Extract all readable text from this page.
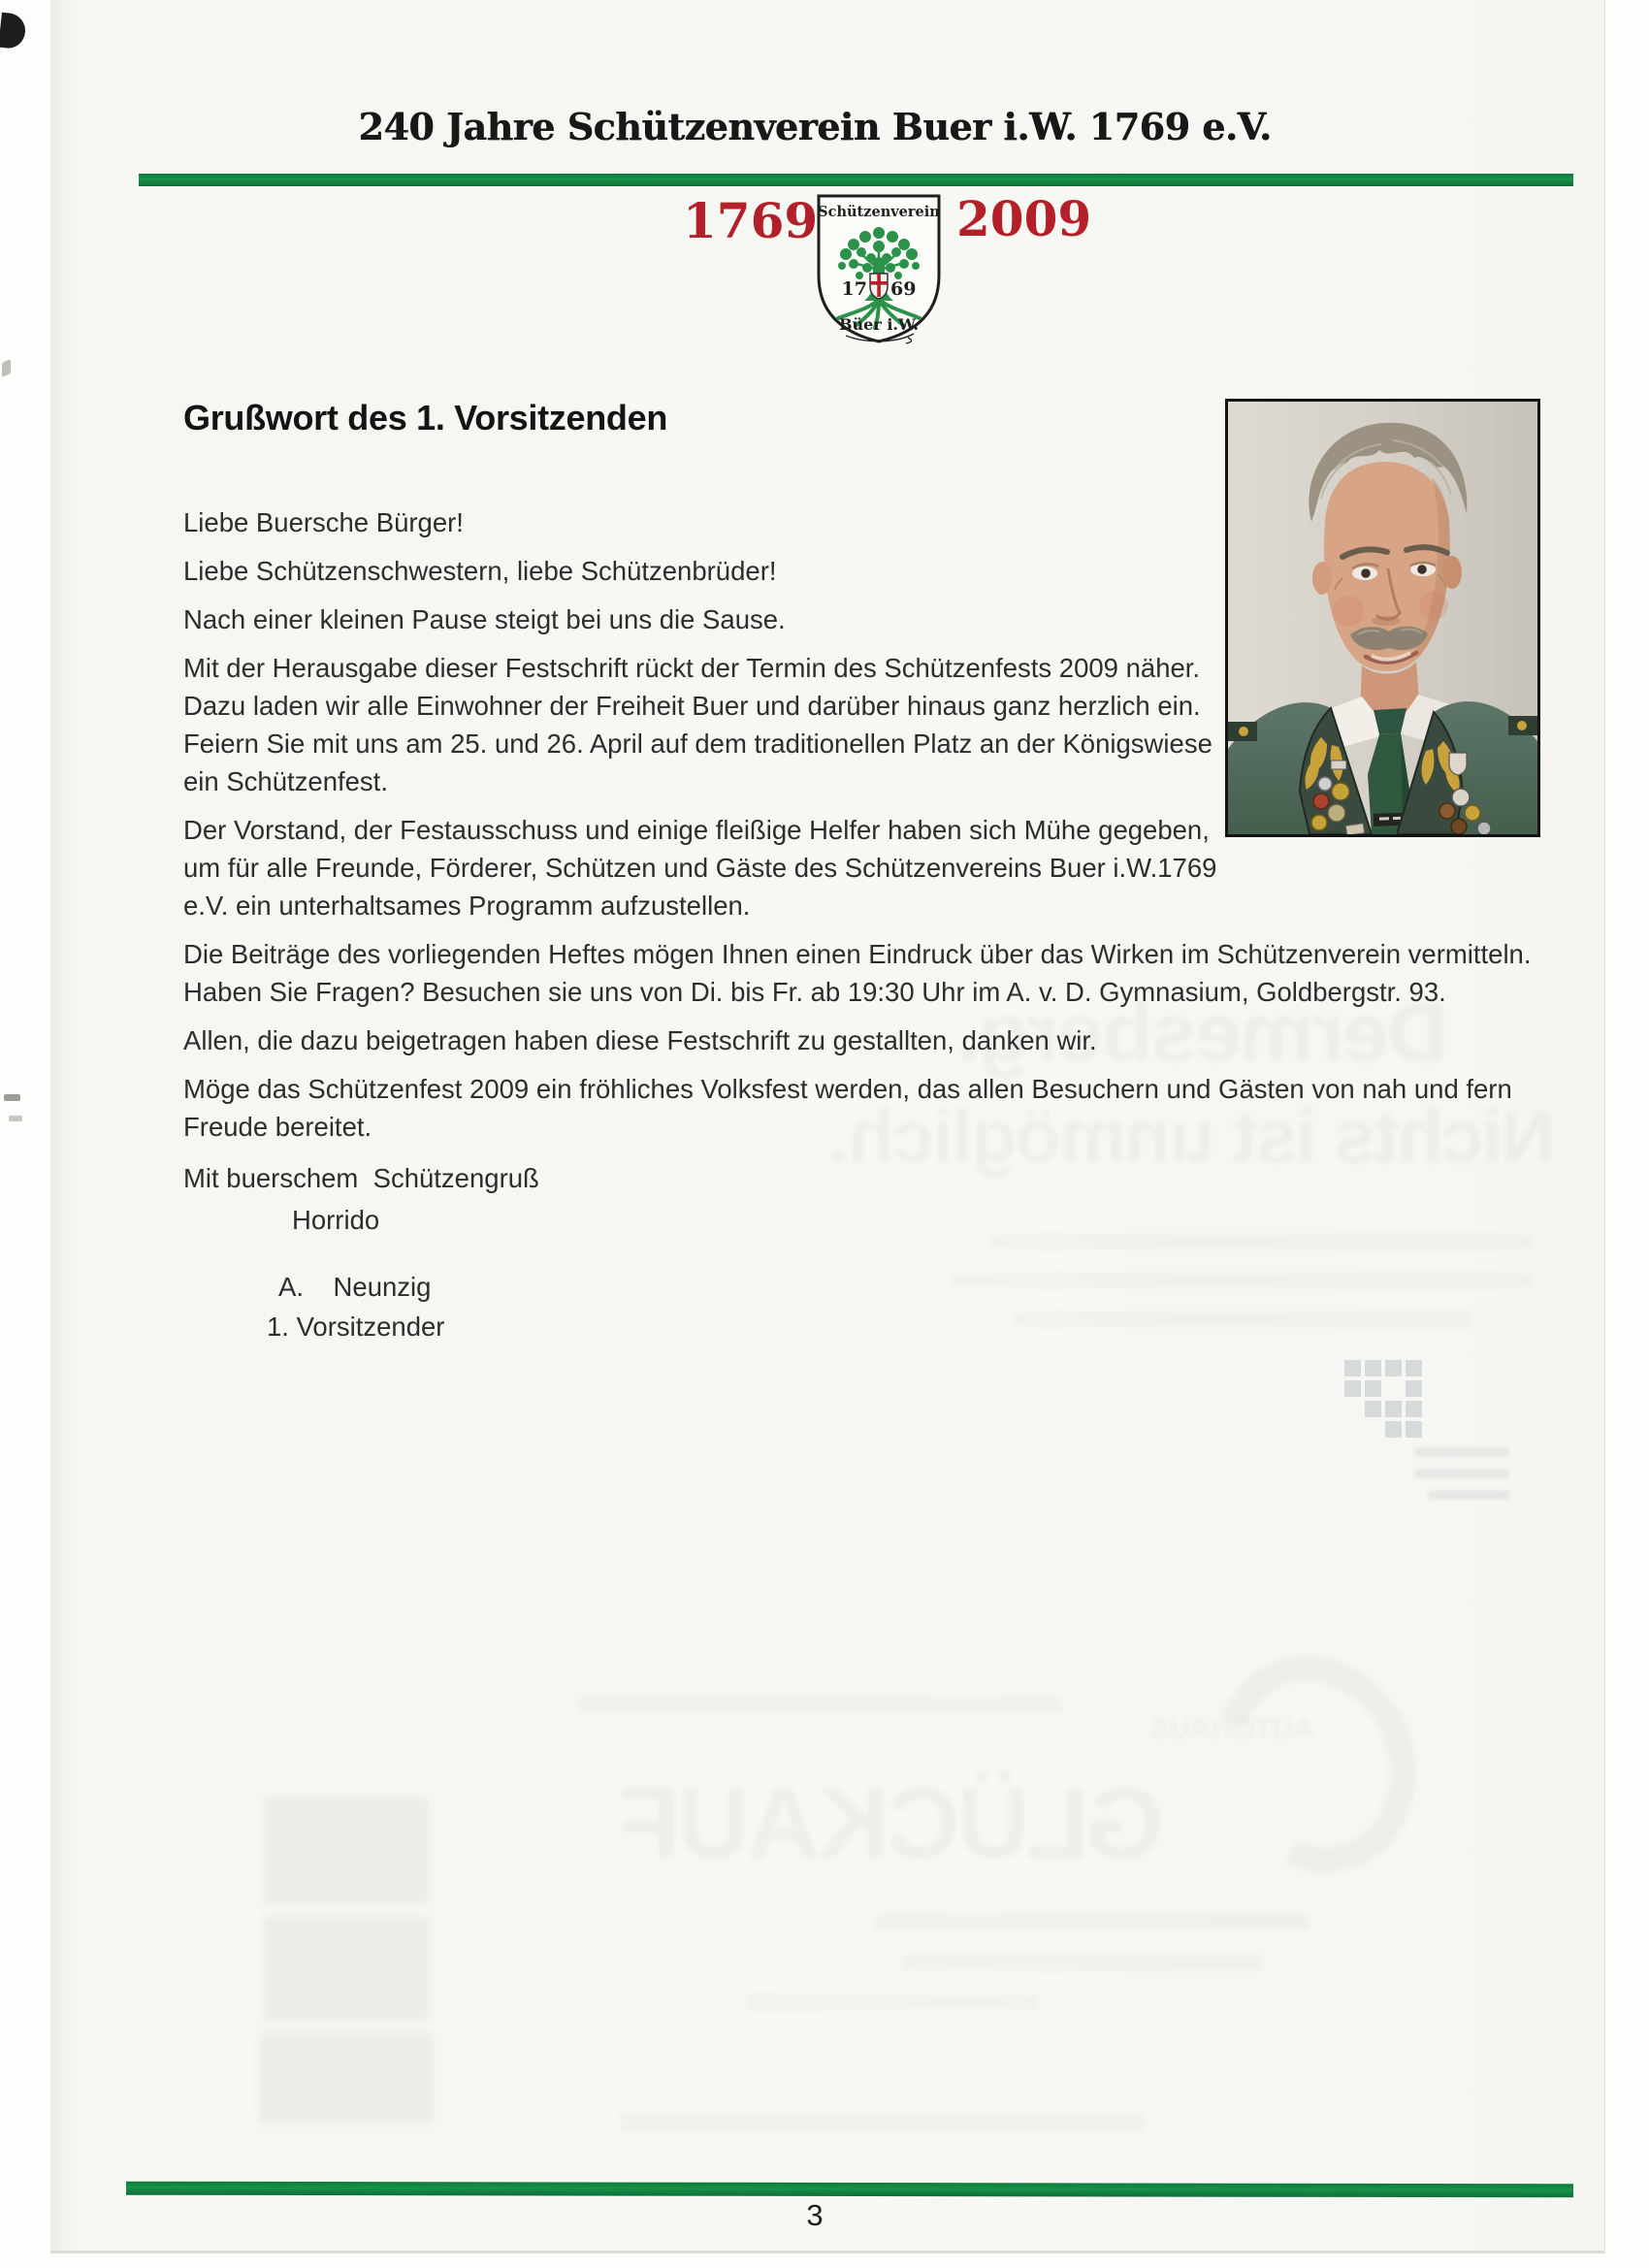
Dermesberg.
Nichts ist unmöglich.
AUTOHAUS
GLÜCKAUF
240 Jahre Schützenverein Buer i.W. 1769 e.V.
1769	2009
Schützenverein
17 69
Büer i.W.
Grußwort des 1. Vorsitzenden

Liebe Buersche Bürger!

Liebe Schützenschwestern, liebe Schützenbrüder!

Nach einer kleinen Pause steigt bei uns die Sause.

Mit der Herausgabe dieser Festschrift rückt der Termin des Schützenfests 2009 näher. Dazu laden wir alle Einwohner der Freiheit Buer und darüber hinaus ganz herzlich ein. Feiern Sie mit uns am 25. und 26. April auf dem traditionellen Platz an der Königswiese ein Schützenfest.

Der Vorstand, der Festausschuss und einige fleißige Helfer haben sich Mühe gegeben, um für alle Freunde, Förderer, Schützen und Gäste des Schützenvereins Buer i.W.1769 e.V. ein unterhaltsames Programm aufzustellen.

Die Beiträge des vorliegenden Heftes mögen Ihnen einen Eindruck über das Wirken im Schützenverein vermitteln. Haben Sie Fragen? Besuchen sie uns von Di. bis Fr. ab 19:30 Uhr im A. v. D. Gymnasium, Goldbergstr. 93.

Allen, die dazu beigetragen haben diese Festschrift zu gestallten, danken wir.

Möge das Schützenfest 2009 ein fröhliches Volksfest werden, das allen Besuchern und Gästen von nah und fern Freude bereitet.

Mit buerschem  Schützengruß
Horrido
A.    Neunzig
1. Vorsitzender
3
